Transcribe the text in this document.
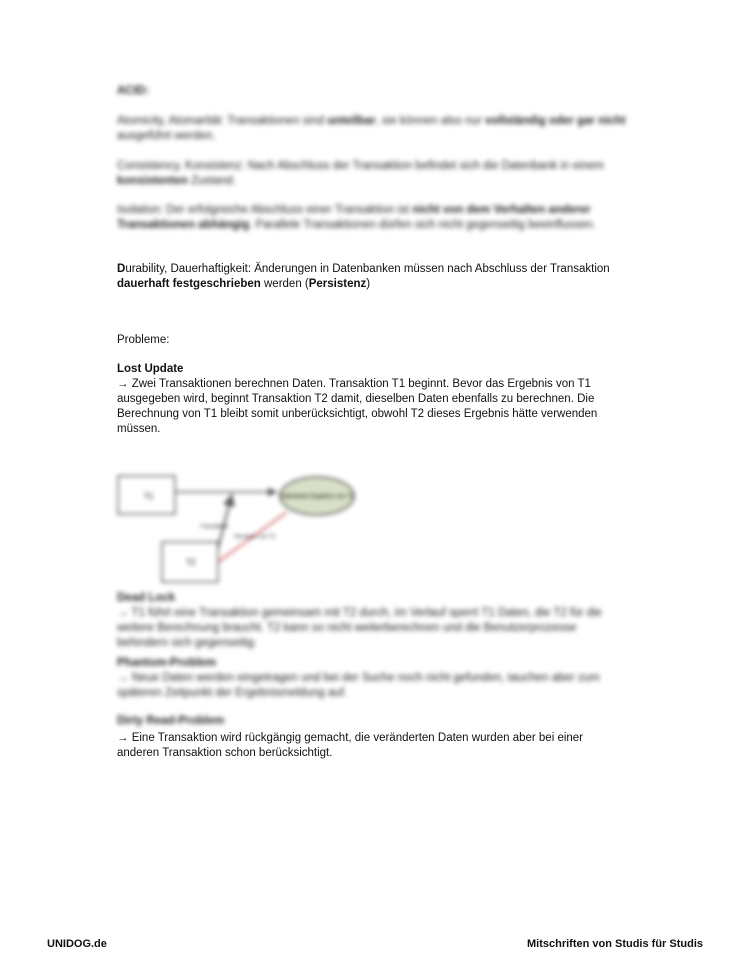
ACID:

Atomicity, Atomarität: Transaktionen sind unteilbar, sie können also nur vollständig oder gar nicht ausgeführt werden.

Consistency, Konsistenz: Nach Abschluss der Transaktion befindet sich die Datenbank in einem konsistenten Zustand.

Isolation: Der erfolgreiche Abschluss einer Transaktion ist nicht von dem Verhalten anderer Transaktionen abhängig. Parallele Transaktionen dürfen sich nicht gegenseitig beeinflussen.

Durability, Dauerhaftigkeit: Änderungen in Datenbanken müssen nach Abschluss der Transaktion dauerhaft festgeschrieben werden (Persistenz)

Probleme:

Lost Update

→ Zwei Transaktionen berechnen Daten. Transaktion T1 beginnt. Bevor das Ergebnis von T1 ausgegeben wird, beginnt Transaktion T2 damit, dieselben Daten ebenfalls zu berechnen. Die Berechnung von T1 bleibt somit unberücksichtigt, obwohl T2 dieses Ergebnis hätte verwenden müssen.

T1
T2
Datenbank Ergebnis von T2
Transaktion
Versagen von T1

Dead Lock

→ T1 führt eine Transaktion gemeinsam mit T2 durch, im Verlauf sperrt T1 Daten, die T2 für die weitere Berechnung braucht. T2 kann so nicht weiterberechnen und die Benutzerprozesse behindern sich gegenseitig.

Phantom-Problem

→ Neue Daten werden eingetragen und bei der Suche noch nicht gefunden, tauchen aber zum späteren Zeitpunkt der Ergebnismeldung auf.

Dirty Read-Problem

→ Eine Transaktion wird rückgängig gemacht, die veränderten Daten wurden aber bei einer anderen Transaktion schon berücksichtigt.

UNIDOG.de	Mitschriften von Studis für Studis
